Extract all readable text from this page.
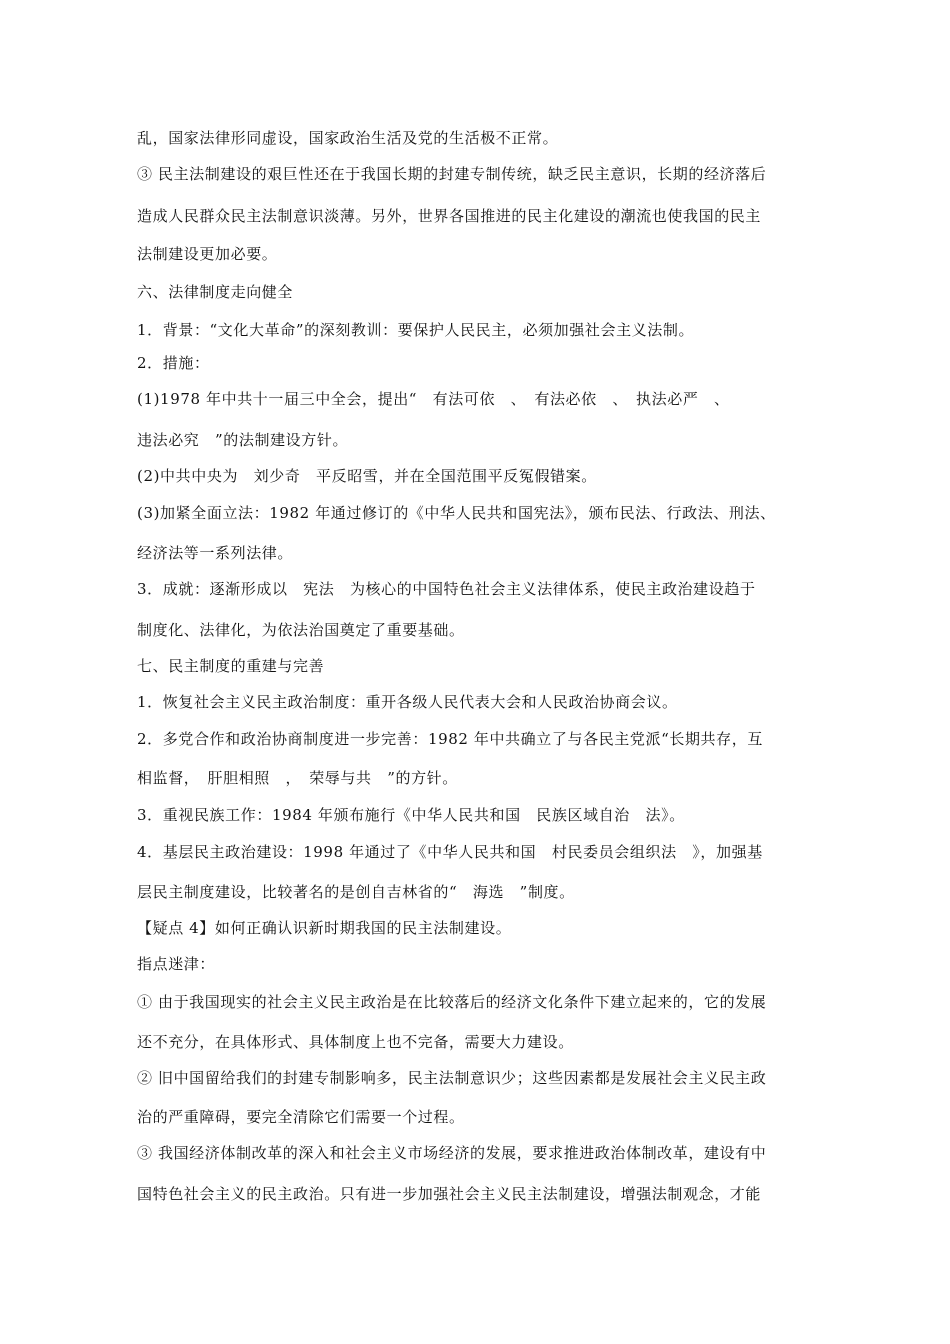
乱，国家法律形同虚设，国家政治生活及党的生活极不正常。
③ 民主法制建设的艰巨性还在于我国长期的封建专制传统，缺乏民主意识，长期的经济落后
造成人民群众民主法制意识淡薄。另外，世界各国推进的民主化建设的潮流也使我国的民主
法制建设更加必要。
六、法律制度走向健全
1．背景：“文化大革命”的深刻教训：要保护人民民主，必须加强社会主义法制。
2．措施：
(1)1978 年中共十一届三中全会，提出“　有法可依　、　有法必依　、　执法必严　、
违法必究　”的法制建设方针。
(2)中共中央为　刘少奇　平反昭雪，并在全国范围平反冤假错案。
(3)加紧全面立法：1982 年通过修订的《中华人民共和国宪法》，颁布民法、行政法、刑法、
经济法等一系列法律。
3．成就：逐渐形成以　宪法　为核心的中国特色社会主义法律体系，使民主政治建设趋于
制度化、法律化，为依法治国奠定了重要基础。
七、民主制度的重建与完善
1．恢复社会主义民主政治制度：重开各级人民代表大会和人民政治协商会议。
2．多党合作和政治协商制度进一步完善：1982 年中共确立了与各民主党派“长期共存，互
相监督，　肝胆相照　，　荣辱与共　”的方针。
3．重视民族工作：1984 年颁布施行《中华人民共和国　民族区域自治　法》。
4．基层民主政治建设：1998 年通过了《中华人民共和国　村民委员会组织法　》，加强基
层民主制度建设，比较著名的是创自吉林省的“　海选　”制度。
【疑点 4】如何正确认识新时期我国的民主法制建设。
指点迷津：
① 由于我国现实的社会主义民主政治是在比较落后的经济文化条件下建立起来的，它的发展
还不充分，在具体形式、具体制度上也不完备，需要大力建设。
② 旧中国留给我们的封建专制影响多，民主法制意识少；这些因素都是发展社会主义民主政
治的严重障碍，要完全清除它们需要一个过程。
③ 我国经济体制改革的深入和社会主义市场经济的发展，要求推进政治体制改革，建设有中
国特色社会主义的民主政治。只有进一步加强社会主义民主法制建设，增强法制观念，才能
